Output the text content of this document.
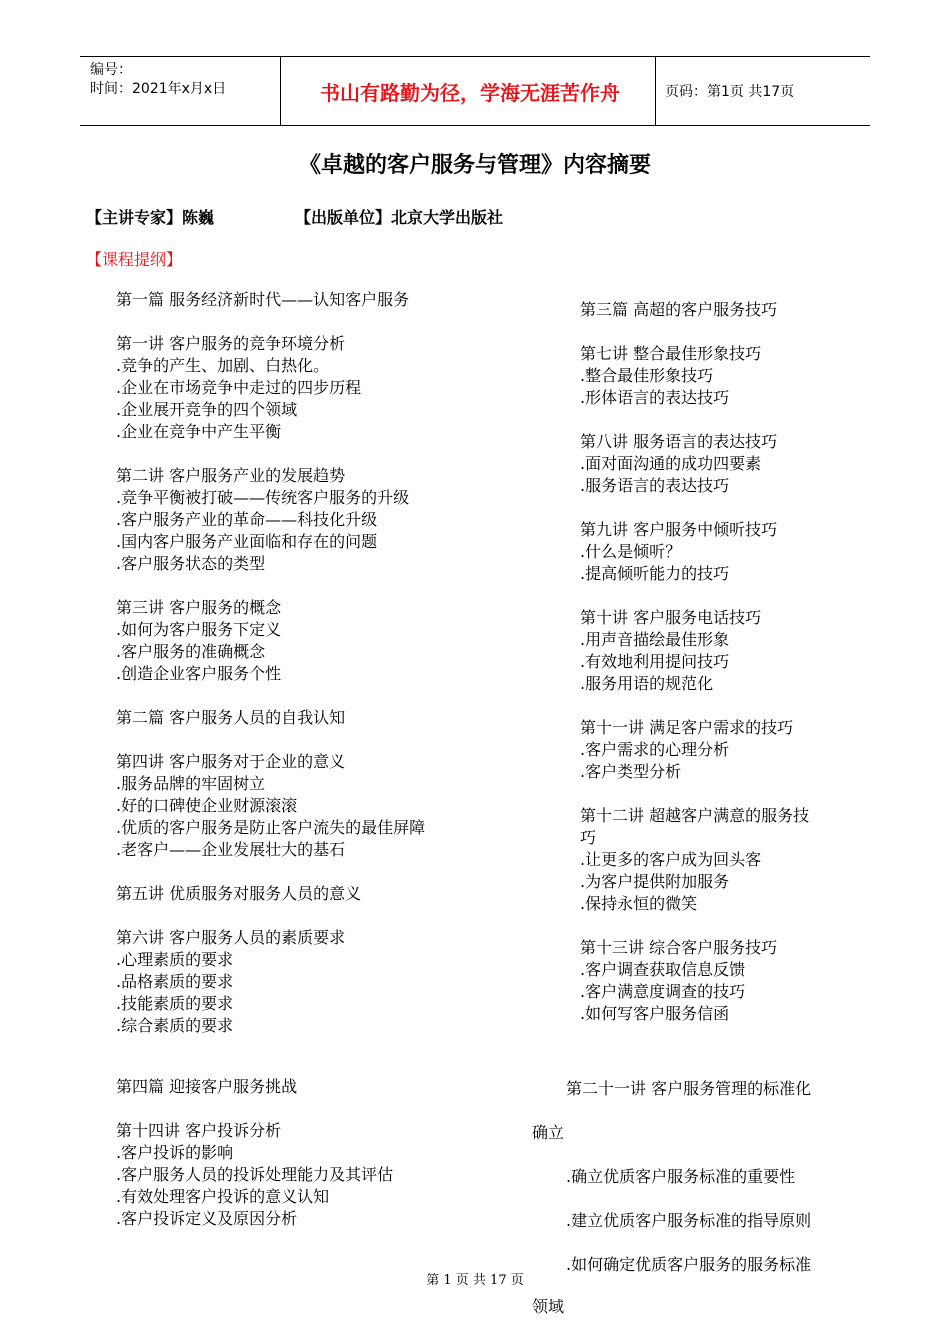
编号：
时间：2021年x月x日	书山有路勤为径，学海无涯苦作舟	页码：第1页 共17页
《卓越的客户服务与管理》内容摘要
【主讲专家】陈巍	【出版单位】北京大学出版社
【课程提纲】
第一篇 服务经济新时代——认知客户服务
第一讲 客户服务的竞争环境分析
.竞争的产生、加剧、白热化。
.企业在市场竞争中走过的四步历程
.企业展开竞争的四个领域
.企业在竞争中产生平衡
第二讲 客户服务产业的发展趋势
.竞争平衡被打破——传统客户服务的升级
.客户服务产业的革命——科技化升级
.国内客户服务产业面临和存在的问题
.客户服务状态的类型
第三讲 客户服务的概念
.如何为客户服务下定义
.客户服务的准确概念
.创造企业客户服务个性
第二篇 客户服务人员的自我认知
第四讲 客户服务对于企业的意义
.服务品牌的牢固树立
.好的口碑使企业财源滚滚
.优质的客户服务是防止客户流失的最佳屏障
.老客户——企业发展壮大的基石
第五讲 优质服务对服务人员的意义
第六讲 客户服务人员的素质要求
.心理素质的要求
.品格素质的要求
.技能素质的要求
.综合素质的要求
第三篇 高超的客户服务技巧
第七讲 整合最佳形象技巧
.整合最佳形象技巧
.形体语言的表达技巧
第八讲 服务语言的表达技巧
.面对面沟通的成功四要素
.服务语言的表达技巧
第九讲 客户服务中倾听技巧
.什么是倾听？
.提高倾听能力的技巧
第十讲 客户服务电话技巧
.用声音描绘最佳形象
.有效地利用提问技巧
.服务用语的规范化
第十一讲 满足客户需求的技巧
.客户需求的心理分析
.客户类型分析
第十二讲 超越客户满意的服务技
巧
.让更多的客户成为回头客
.为客户提供附加服务
.保持永恒的微笑
第十三讲 综合客户服务技巧
.客户调查获取信息反馈
.客户满意度调查的技巧
.如何写客户服务信函
第四篇 迎接客户服务挑战
第十四讲 客户投诉分析
.客户投诉的影响
.客户服务人员的投诉处理能力及其评估
.有效处理客户投诉的意义认知
.客户投诉定义及原因分析
第二十一讲 客户服务管理的标准化
确立
.确立优质客户服务标准的重要性
.建立优质客户服务标准的指导原则
.如何确定优质客户服务的服务标准
领域
第 1 页 共 17 页
